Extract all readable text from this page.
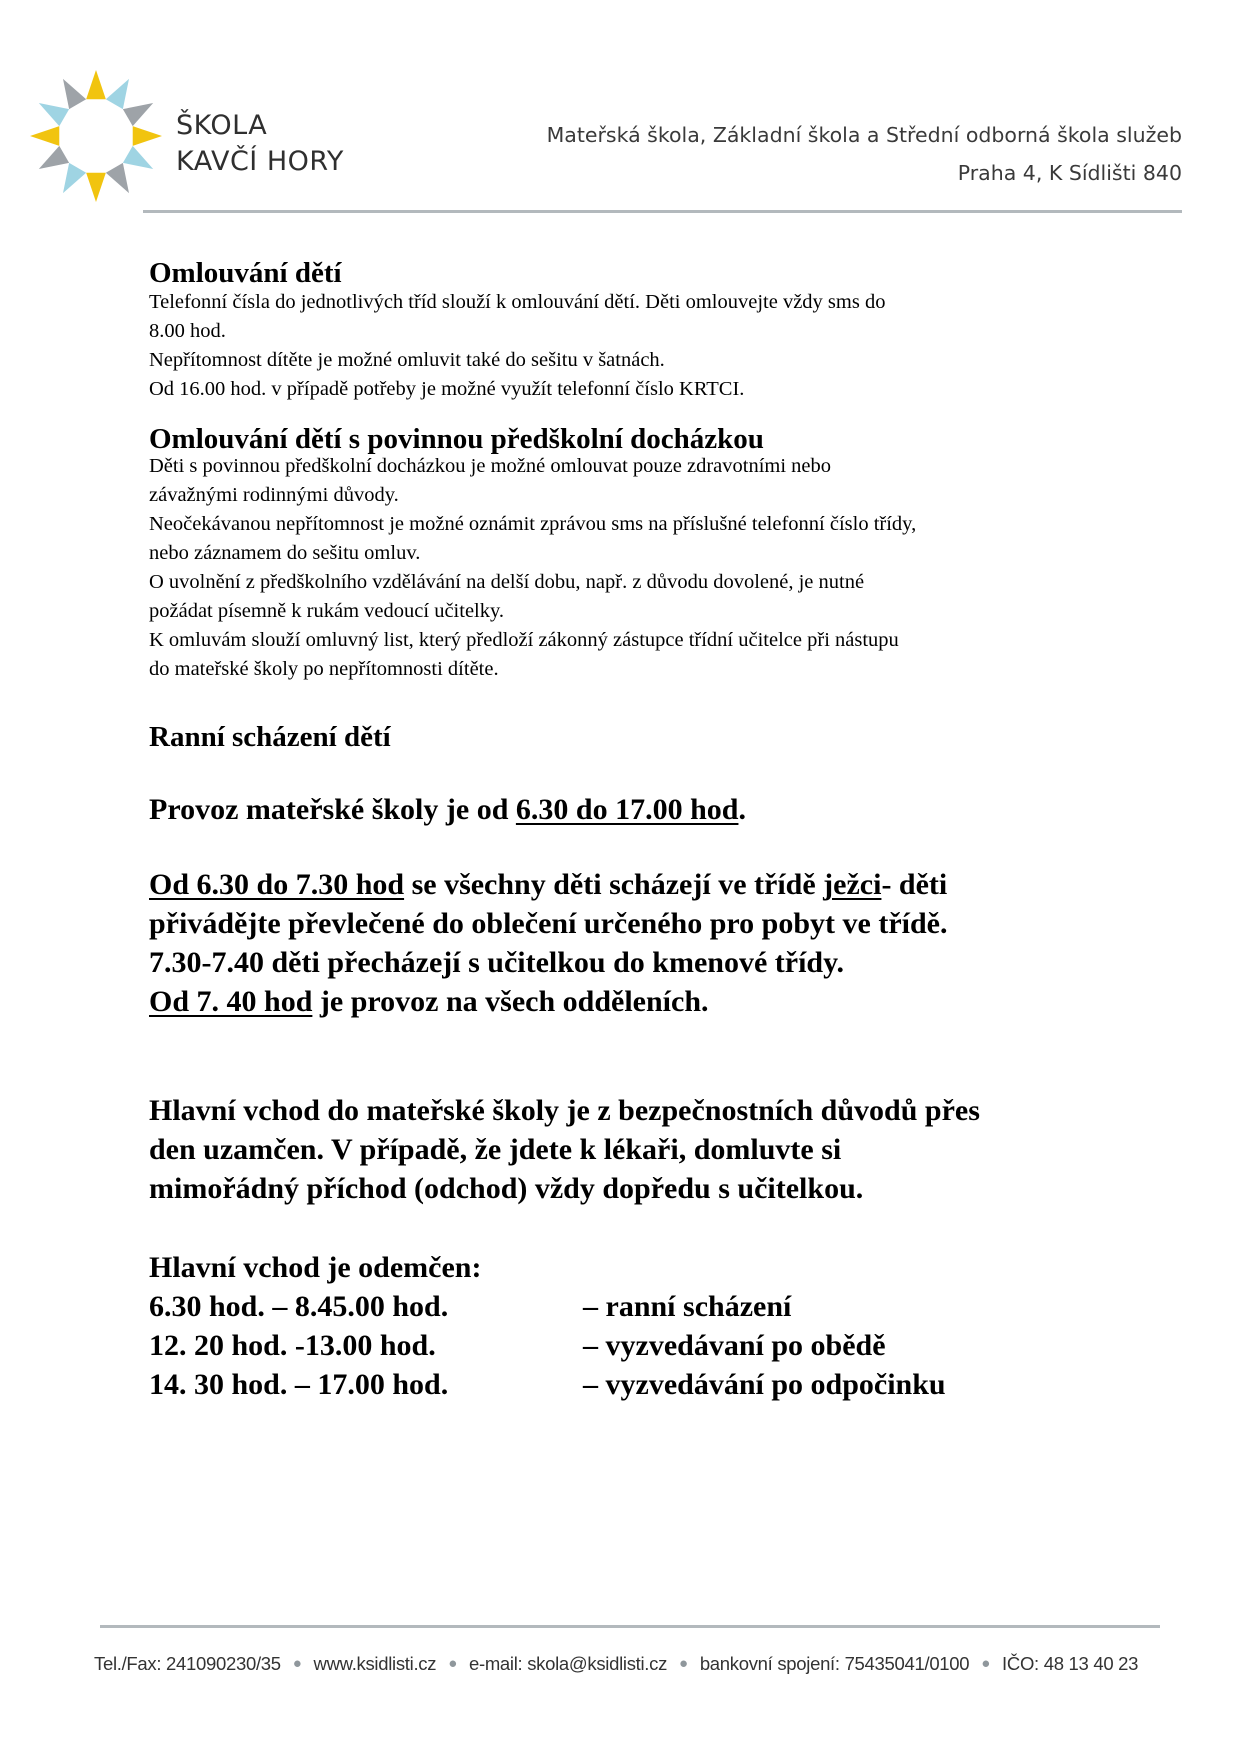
ŠKOLA
KAVČÍ HORY
Mateřská škola, Základní škola a Střední odborná škola služeb
Praha 4, K Sídlišti 840
Omlouvání dětí
Telefonní čísla do jednotlivých tříd slouží k omlouvání dětí. Děti omlouvejte vždy sms do
8.00 hod.
Nepřítomnost dítěte je možné omluvit také do sešitu v šatnách.
Od 16.00 hod. v případě potřeby je možné využít telefonní číslo KRTCI.
Omlouvání dětí s povinnou předškolní docházkou
Děti s povinnou předškolní docházkou je možné omlouvat pouze zdravotními nebo
závažnými rodinnými důvody.
Neočekávanou nepřítomnost je možné oznámit zprávou sms na příslušné telefonní číslo třídy,
nebo záznamem do sešitu omluv.
O uvolnění z předškolního vzdělávání na delší dobu, např. z důvodu dovolené, je nutné
požádat písemně k rukám vedoucí učitelky.
K omluvám slouží omluvný list, který předloží zákonný zástupce třídní učitelce při nástupu
do mateřské školy po nepřítomnosti dítěte.
Ranní scházení dětí
Provoz mateřské školy je od 6.30 do 17.00 hod.
Od 6.30 do 7.30 hod se všechny děti scházejí ve třídě ježci- děti
přivádějte převlečené do oblečení určeného pro pobyt ve třídě.
7.30-7.40 děti přecházejí s učitelkou do kmenové třídy.
Od 7. 40 hod je provoz na všech odděleních.
Hlavní vchod do mateřské školy je z bezpečnostních důvodů přes
den uzamčen. V případě, že jdete k lékaři, domluvte si
mimořádný příchod (odchod) vždy dopředu s učitelkou.
Hlavní vchod je odemčen:
6.30 hod. – 8.45.00 hod.	– ranní scházení
12. 20 hod. -13.00 hod.	– vyzvedávaní po obědě
14. 30 hod. – 17.00 hod.	– vyzvedávání po odpočinku
Tel./Fax: 241090230/35 ● www.ksidlisti.cz ● e-mail: skola@ksidlisti.cz ● bankovní spojení: 75435041/0100 ● IČO: 48 13 40 23
